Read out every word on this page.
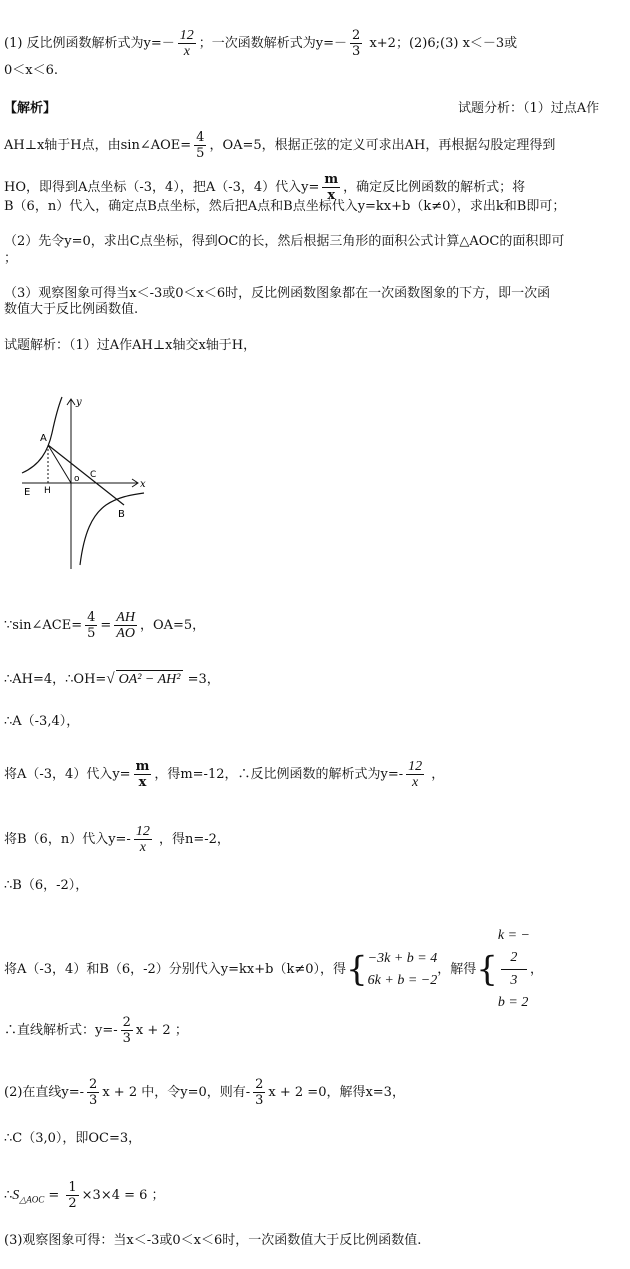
(1) 反比例函数解析式为$y=- \frac{12}{x}$ ；一次函数解析式为$y=- \frac{2}{3} x+2$；(2)6;(3) x＜－3或
0＜x＜6.
【解析】	试题分析：（1）过点A作
AH⊥x轴于H点，由sin∠AOE= $\frac{4}{5}$ ，OA=5，根据正弦的定义可求出AH，再根据勾股定理得到
HO，即得到A点坐标（-3，4），把A（-3，4）代入$y= \frac{m}{x}$ ，确定反比例函数的解析式；将
B（6，n）代入，确定点B点坐标，然后把A点和B点坐标代入y=kx+b（k≠0），求出k和B即可；
（2）先令y=0，求出C点坐标，得到OC的长，然后根据三角形的面积公式计算△AOC的面积即可
；
（3）观察图象可得当x＜-3或0＜x＜6时，反比例函数图象都在一次函数图象的下方，即一次函
数值大于反比例函数值.
试题解析：（1）过A作AH⊥x轴交x轴于H，
A
E H
o C
B
x
y
∵sin∠ACE= $\frac{4}{5} = \frac{AH}{AO}$ ，OA=5，
∴AH=4，∴OH=√ OA² − AH² =3，
∴A（-3,4），
将A（-3，4）代入$y= \frac{m}{x}$ ，得m=-12，∴反比例函数的解析式为$y=- \frac{12}{x}$ ，
将B（6，n）代入$y=- \frac{12}{x}$ ，得n=-2，
∴B（6，-2），
将A（-3，4）和B（6，-2）分别代入y=kx+b（k≠0），得{ −3k + b = 4
6k + b = −2
，解得{
k = −
2
3
b = 2
，
∴直线解析式：$y=- \frac{2}{3}$ x + 2 ；
(2)在直线$y=- \frac{2}{3}$ x + 2 中，令y=0，则有- $\frac{2}{3}$ x + 2 =0，解得x=3，
∴C（3,0），即OC=3，
$\therefore S_{\triangle AOC} = \frac{1}{2} \times 3\times 4 = 6$ ；
(3)观察图象可得：当x＜-3或0＜x＜6时，一次函数值大于反比例函数值.
